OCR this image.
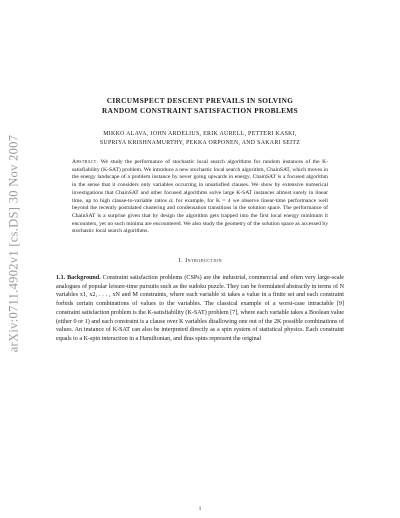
arXiv:0711.4902v1 [cs.DS] 30 Nov 2007
CIRCUMSPECT DESCENT PREVAILS IN SOLVING
RANDOM CONSTRAINT SATISFACTION PROBLEMS
MIKKO ALAVA, JOHN ARDELIUS, ERIK AURELL, PETTERI KASKI,
SUPRIYA KRISHNAMURTHY, PEKKA ORPONEN, AND SAKARI SEITZ
Abstract. We study the performance of stochastic local search algorithms for random instances of the K-satisfiability (K-SAT) problem. We introduce a new stochastic local search algorithm, ChainSAT, which moves in the energy landscape of a problem instance by never going upwards in energy. ChainSAT is a focused algorithm in the sense that it considers only variables occurring in unsatisfied clauses. We show by extensive numerical investigations that ChainSAT and other focused algorithms solve large K-SAT instances almost surely in linear time, up to high clause-to-variable ratios α; for example, for K = 4 we observe linear-time performance well beyond the recently postulated clustering and condensation transitions in the solution space. The performance of ChainSAT is a surprise given that by design the algorithm gets trapped into the first local energy minimum it encounters, yet no such minima are encountered. We also study the geometry of the solution space as accessed by stochastic local search algorithms.
1. Introduction
1.1. Background. Constraint satisfaction problems (CSPs) are the industrial, commercial and often very large-scale analogues of popular leisure-time pursuits such as the sudoku puzzle. They can be formulated abstractly in terms of N variables x1, x2, . . . , xN and M constraints, where each variable xi takes a value in a finite set and each constraint forbids certain combinations of values to the variables. The classical example of a worst-case intractable [9] constraint satisfaction problem is the K-satisfiability (K-SAT) problem [7], where each variable takes a Boolean value (either 0 or 1) and each constraint is a clause over K variables disallowing one out of the 2K possible combinations of values. An instance of K-SAT can also be interpreted directly as a spin system of statistical physics. Each constraint equals to a K-spin interaction in a Hamiltonian, and thus spins represent the original
1
